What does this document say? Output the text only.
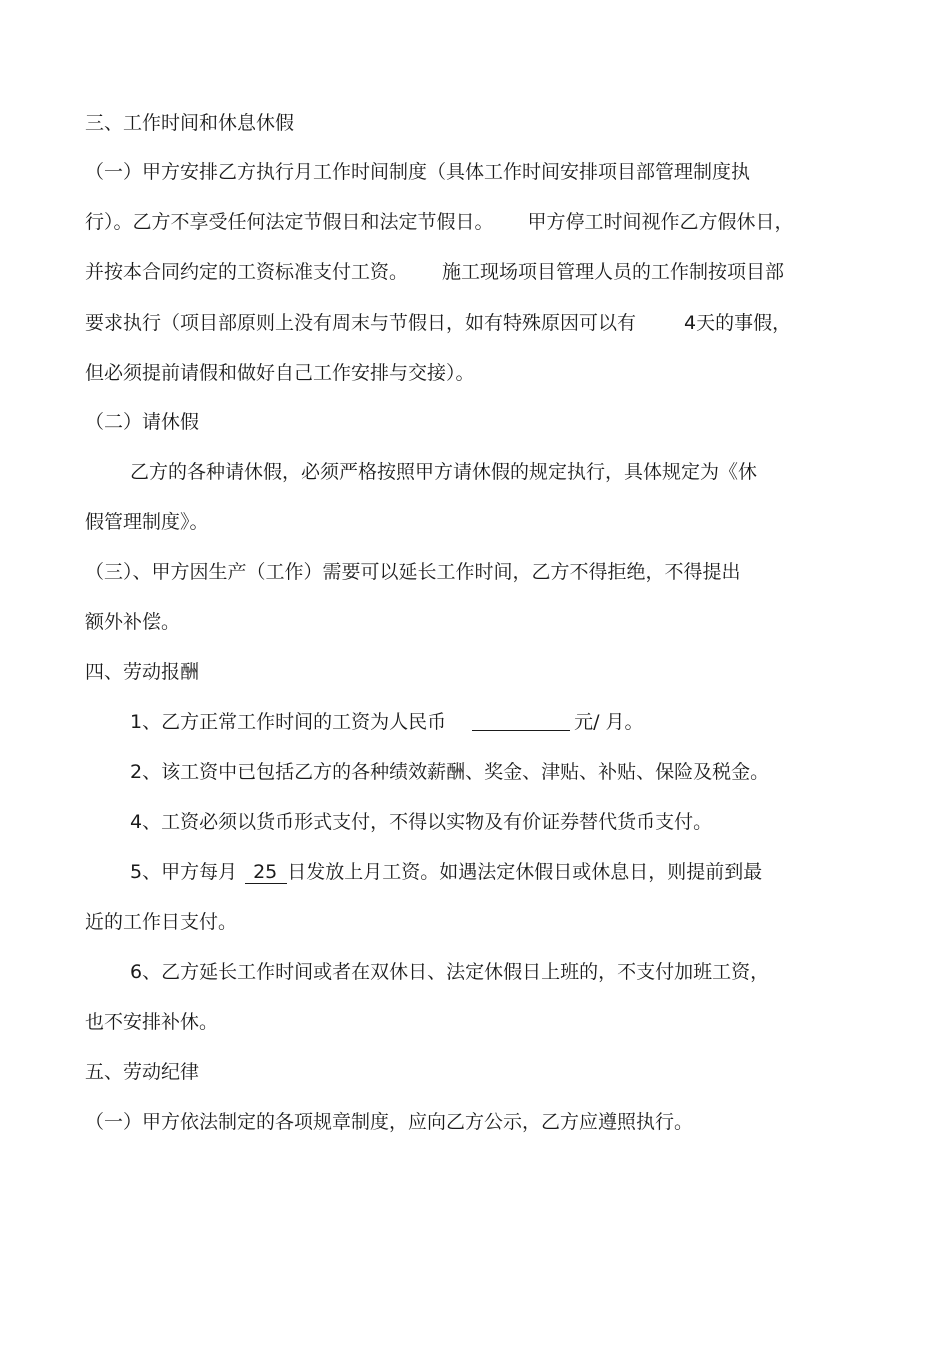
三、工作时间和休息休假
（一）甲方安排乙方执行月工作时间制度（具体工作时间安排项目部管理制度执
行）。乙方不享受任何法定节假日和法定节假日。 甲方停工时间视作乙方假休日，
并按本合同约定的工资标准支付工资。 施工现场项目管理人员的工作制按项目部
要求执行（项目部原则上没有周末与节假日，如有特殊原因可以有	4天的事假，
但必须提前请假和做好自己工作安排与交接）。
（二）请休假
乙方的各种请休假，必须严格按照甲方请休假的规定执行，具体规定为《休
假管理制度》。
（三）、甲方因生产（工作）需要可以延长工作时间，乙方不得拒绝，不得提出
额外补偿。
四、劳动报酬
1、乙方正常工作时间的工资为人民币	元/ 月。
2、该工资中已包括乙方的各种绩效薪酬、奖金、津贴、补贴、保险及税金。
4、工资必须以货币形式支付，不得以实物及有价证券替代货币支付。
5、甲方每月 25 日发放上月工资。如遇法定休假日或休息日，则提前到最
近的工作日支付。
6、乙方延长工作时间或者在双休日、法定休假日上班的，不支付加班工资，
也不安排补休。
五、劳动纪律
（一）甲方依法制定的各项规章制度，应向乙方公示，乙方应遵照执行。
